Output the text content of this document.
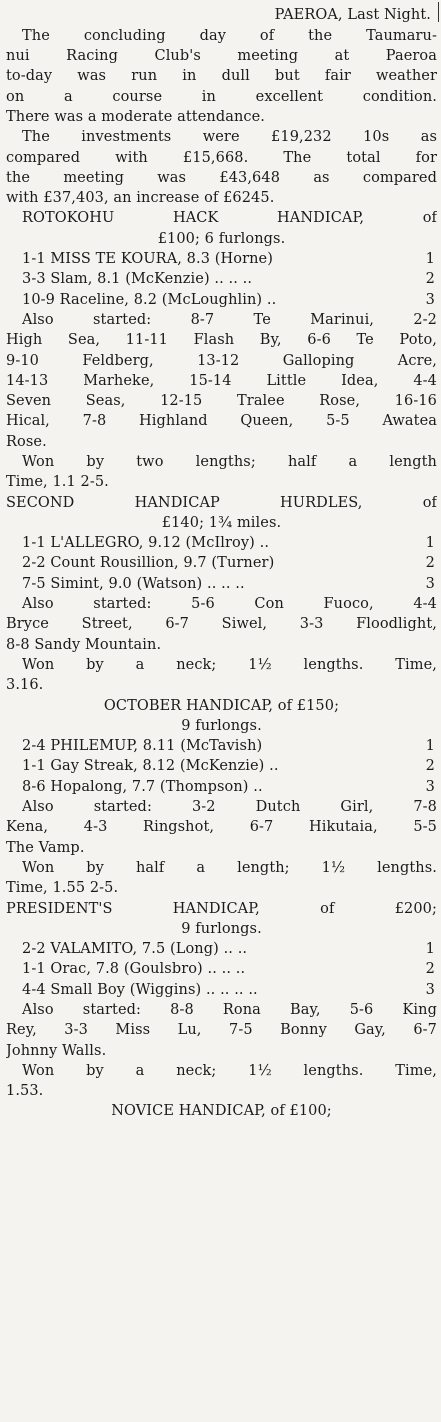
PAEROA, Last Night.
The concluding day of the Taumaru-
nui Racing Club's meeting at Paeroa
to-day was run in dull but fair weather
on a course in excellent condition.
There was a moderate attendance.
The investments were £19,232 10s as
compared with £15,668. The total for
the meeting was £43,648 as compared
with £37,403, an increase of £6245.
ROTOKOHU HACK HANDICAP, of
£100; 6 furlongs.
1-1 MISS TE KOURA, 8.3 (Horne)	1
3-3 Slam, 8.1 (McKenzie) .. .. ..	2
10-9 Raceline, 8.2 (McLoughlin) ..	3
Also started: 8-7 Te Marinui, 2-2
High Sea, 11-11 Flash By, 6-6 Te Poto,
9-10 Feldberg, 13-12 Galloping Acre,
14-13 Marheke, 15-14 Little Idea, 4-4
Seven Seas, 12-15 Tralee Rose, 16-16
Hical, 7-8 Highland Queen, 5-5 Awatea
Rose.
Won by two lengths; half a length
Time, 1.1 2-5.
SECOND HANDICAP HURDLES, of
£140; 1¾ miles.
1-1 L'ALLEGRO, 9.12 (McIlroy) ..	1
2-2 Count Rousillion, 9.7 (Turner)	2
7-5 Simint, 9.0 (Watson) .. .. ..	3
Also started: 5-6 Con Fuoco, 4-4
Bryce Street, 6-7 Siwel, 3-3 Floodlight,
8-8 Sandy Mountain.
Won by a neck; 1½ lengths. Time,
3.16.
OCTOBER HANDICAP, of £150;
9 furlongs.
2-4 PHILEMUP, 8.11 (McTavish)	1
1-1 Gay Streak, 8.12 (McKenzie) ..	2
8-6 Hopalong, 7.7 (Thompson) ..	3
Also started: 3-2 Dutch Girl, 7-8
Kena, 4-3 Ringshot, 6-7 Hikutaia, 5-5
The Vamp.
Won by half a length; 1½ lengths.
Time, 1.55 2-5.
PRESIDENT'S HANDICAP, of £200;
9 furlongs.
2-2 VALAMITO, 7.5 (Long) .. ..	1
1-1 Orac, 7.8 (Goulsbro) .. .. ..	2
4-4 Small Boy (Wiggins) .. .. .. ..	3
Also started: 8-8 Rona Bay, 5-6 King
Rey, 3-3 Miss Lu, 7-5 Bonny Gay, 6-7
Johnny Walls.
Won by a neck; 1½ lengths. Time,
1.53.
NOVICE HANDICAP, of £100;
